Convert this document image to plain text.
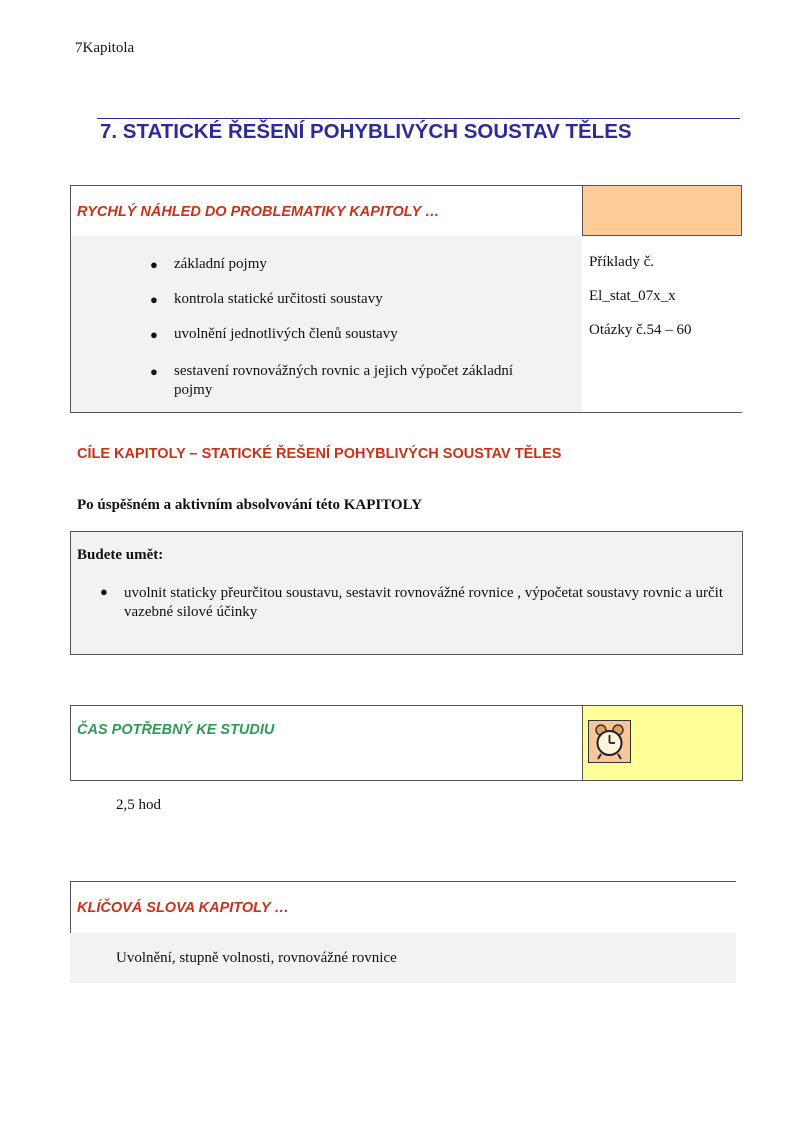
7Kapitola
7. STATICKÉ ŘEŠENÍ POHYBLIVÝCH SOUSTAV TĚLES
RYCHLÝ NÁHLED DO PROBLEMATIKY KAPITOLY …
● základní pojmy
● kontrola statické určitosti soustavy
● uvolnění jednotlivých členů soustavy
● sestavení rovnovážných rovnic a jejich výpočet základní pojmy
Příklady č.
El_stat_07x_x
Otázky č.54 – 60
CÍLE KAPITOLY – STATICKÉ ŘEŠENÍ POHYBLIVÝCH SOUSTAV TĚLES
Po úspěšném a aktivním absolvování této KAPITOLY
Budete umět:
● uvolnit staticky přeurčitou soustavu, sestavit rovnovážné rovnice , výpočetat soustavy rovnic a určit vazebné silové účinky
ČAS POTŘEBNÝ KE STUDIU
2,5 hod
KLÍČOVÁ SLOVA KAPITOLY …
Uvolnění, stupně volnosti, rovnovážné rovnice
